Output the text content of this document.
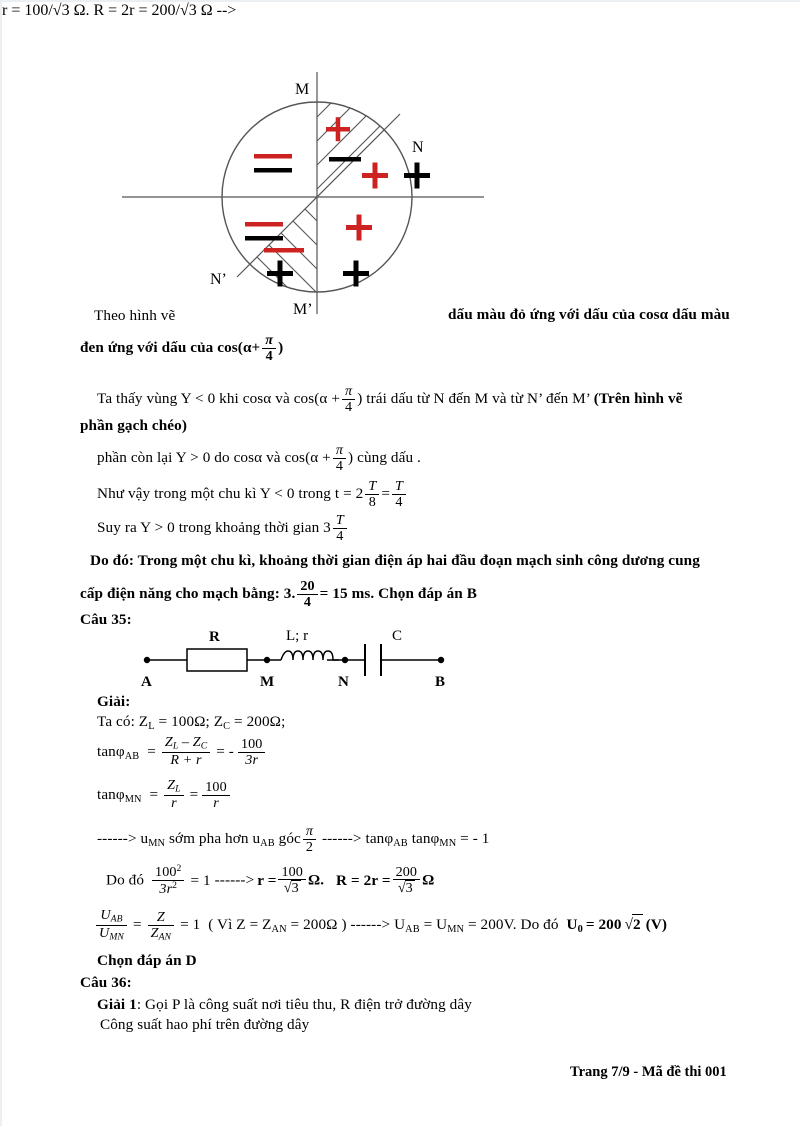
M
N
M’
N’
Theo hình vẽ	dấu màu đỏ ứng với dấu của cosα dấu màu
đen ứng với dấu của $\cos(\alpha+ \frac{\pi}{4}$ )
Ta thấy vùng Y < 0 khi cosα và $\cos(\alpha + \frac{\pi}{4}$ ) trái dấu từ N đến M và từ N’ đến M’ (Trên hình vẽ
phần gạch chéo)
phần còn lại Y > 0 do cosα và $\cos(\alpha + \frac{\pi}{4}$ ) cùng dấu .
Như vậy trong một chu kì Y < 0 trong $t = 2 \frac{T}{8} = \frac{T}{4}$
Suy ra Y > 0 trong khoảng thời gian $3 \frac{T}{4}$
Do đó: Trong một chu kì, khoảng thời gian điện áp hai đầu đoạn mạch sinh công dương cung
cấp điện năng cho mạch bằng: 3. $\frac{20}{4} = 15$ ms. Chọn đáp án B
Câu 35:
R	L; r	C
A	M	N	B
Giải:
Ta có: $Z_L = 100\Omega$; $Z_C = 200\Omega$;
$\tan\varphi_{AB} = \frac{Z_L - Z_C}{R + r}$ = - $\frac{100}{3r}$
$\tan\varphi_{MN} = \frac{Z_L}{r} = \frac{100}{r}$
------> $u_{MN}$ sớm pha hơn $u_{AB}$ góc $\frac{\pi}{2}$ ------> tanφ$_{AB}$ tanφ$_{MN}$ = - 1
r = 100/√3 Ω. R = 2r = 200/√3 Ω -->
Do đó $\frac{100^2}{3r^2} = 1$ ------> $r = \frac{100}{√3} \Omega$. $R = 2r = \frac{200}{√3}$ Ω
$\frac{U_{AB}}{U_{MN}} = \frac{Z}{Z_{AN}} = 1$ ( Vì $Z = Z_{AN} = 200\Omega$ ) ------> $U_{AB} = U_{MN} = 200V$. Do đó $U_0 = 200$ √2 (V)
Chọn đáp án D
Câu 36:
Giải 1: Gọi P là công suất nơi tiêu thu, R điện trở đường dây
Công suất hao phí trên đường dây
Trang 7/9 - Mã đề thi 001
